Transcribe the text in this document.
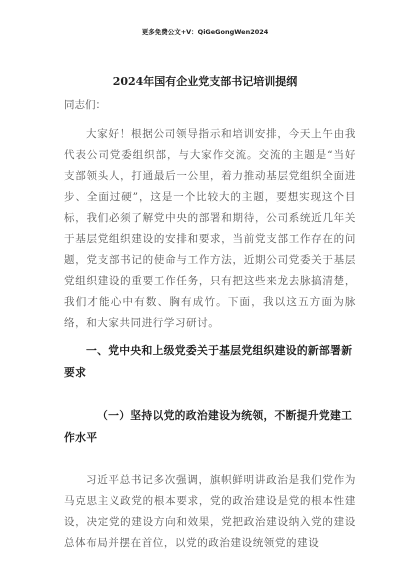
更多免费公文+V：QiGeGongWen2024
2024年国有企业党支部书记培训提纲
同志们：

大家好！根据公司领导指示和培训安排，今天上午由我代表公司党委组织部，与大家作交流。交流的主题是“当好支部领头人，打通最后一公里，着力推动基层党组织全面进步、全面过硬”，这是一个比较大的主题，要想实现这个目标，我们必须了解党中央的部署和期待，公司系统近几年关于基层党组织建设的安排和要求，当前党支部工作存在的问题，党支部书记的使命与工作方法，近期公司党委关于基层党组织建设的重要工作任务，只有把这些来龙去脉搞清楚，我们才能心中有数、胸有成竹。下面，我以这五方面为脉络，和大家共同进行学习研讨。

一、党中央和上级党委关于基层党组织建设的新部署新要求

（一）坚持以党的政治建设为统领，不断提升党建工作水平

习近平总书记多次强调，旗帜鲜明讲政治是我们党作为马克思主义政党的根本要求，党的政治建设是党的根本性建设，决定党的建设方向和效果，党把政治建设纳入党的建设总体布局并摆在首位，以党的政治建设统领党的建设
